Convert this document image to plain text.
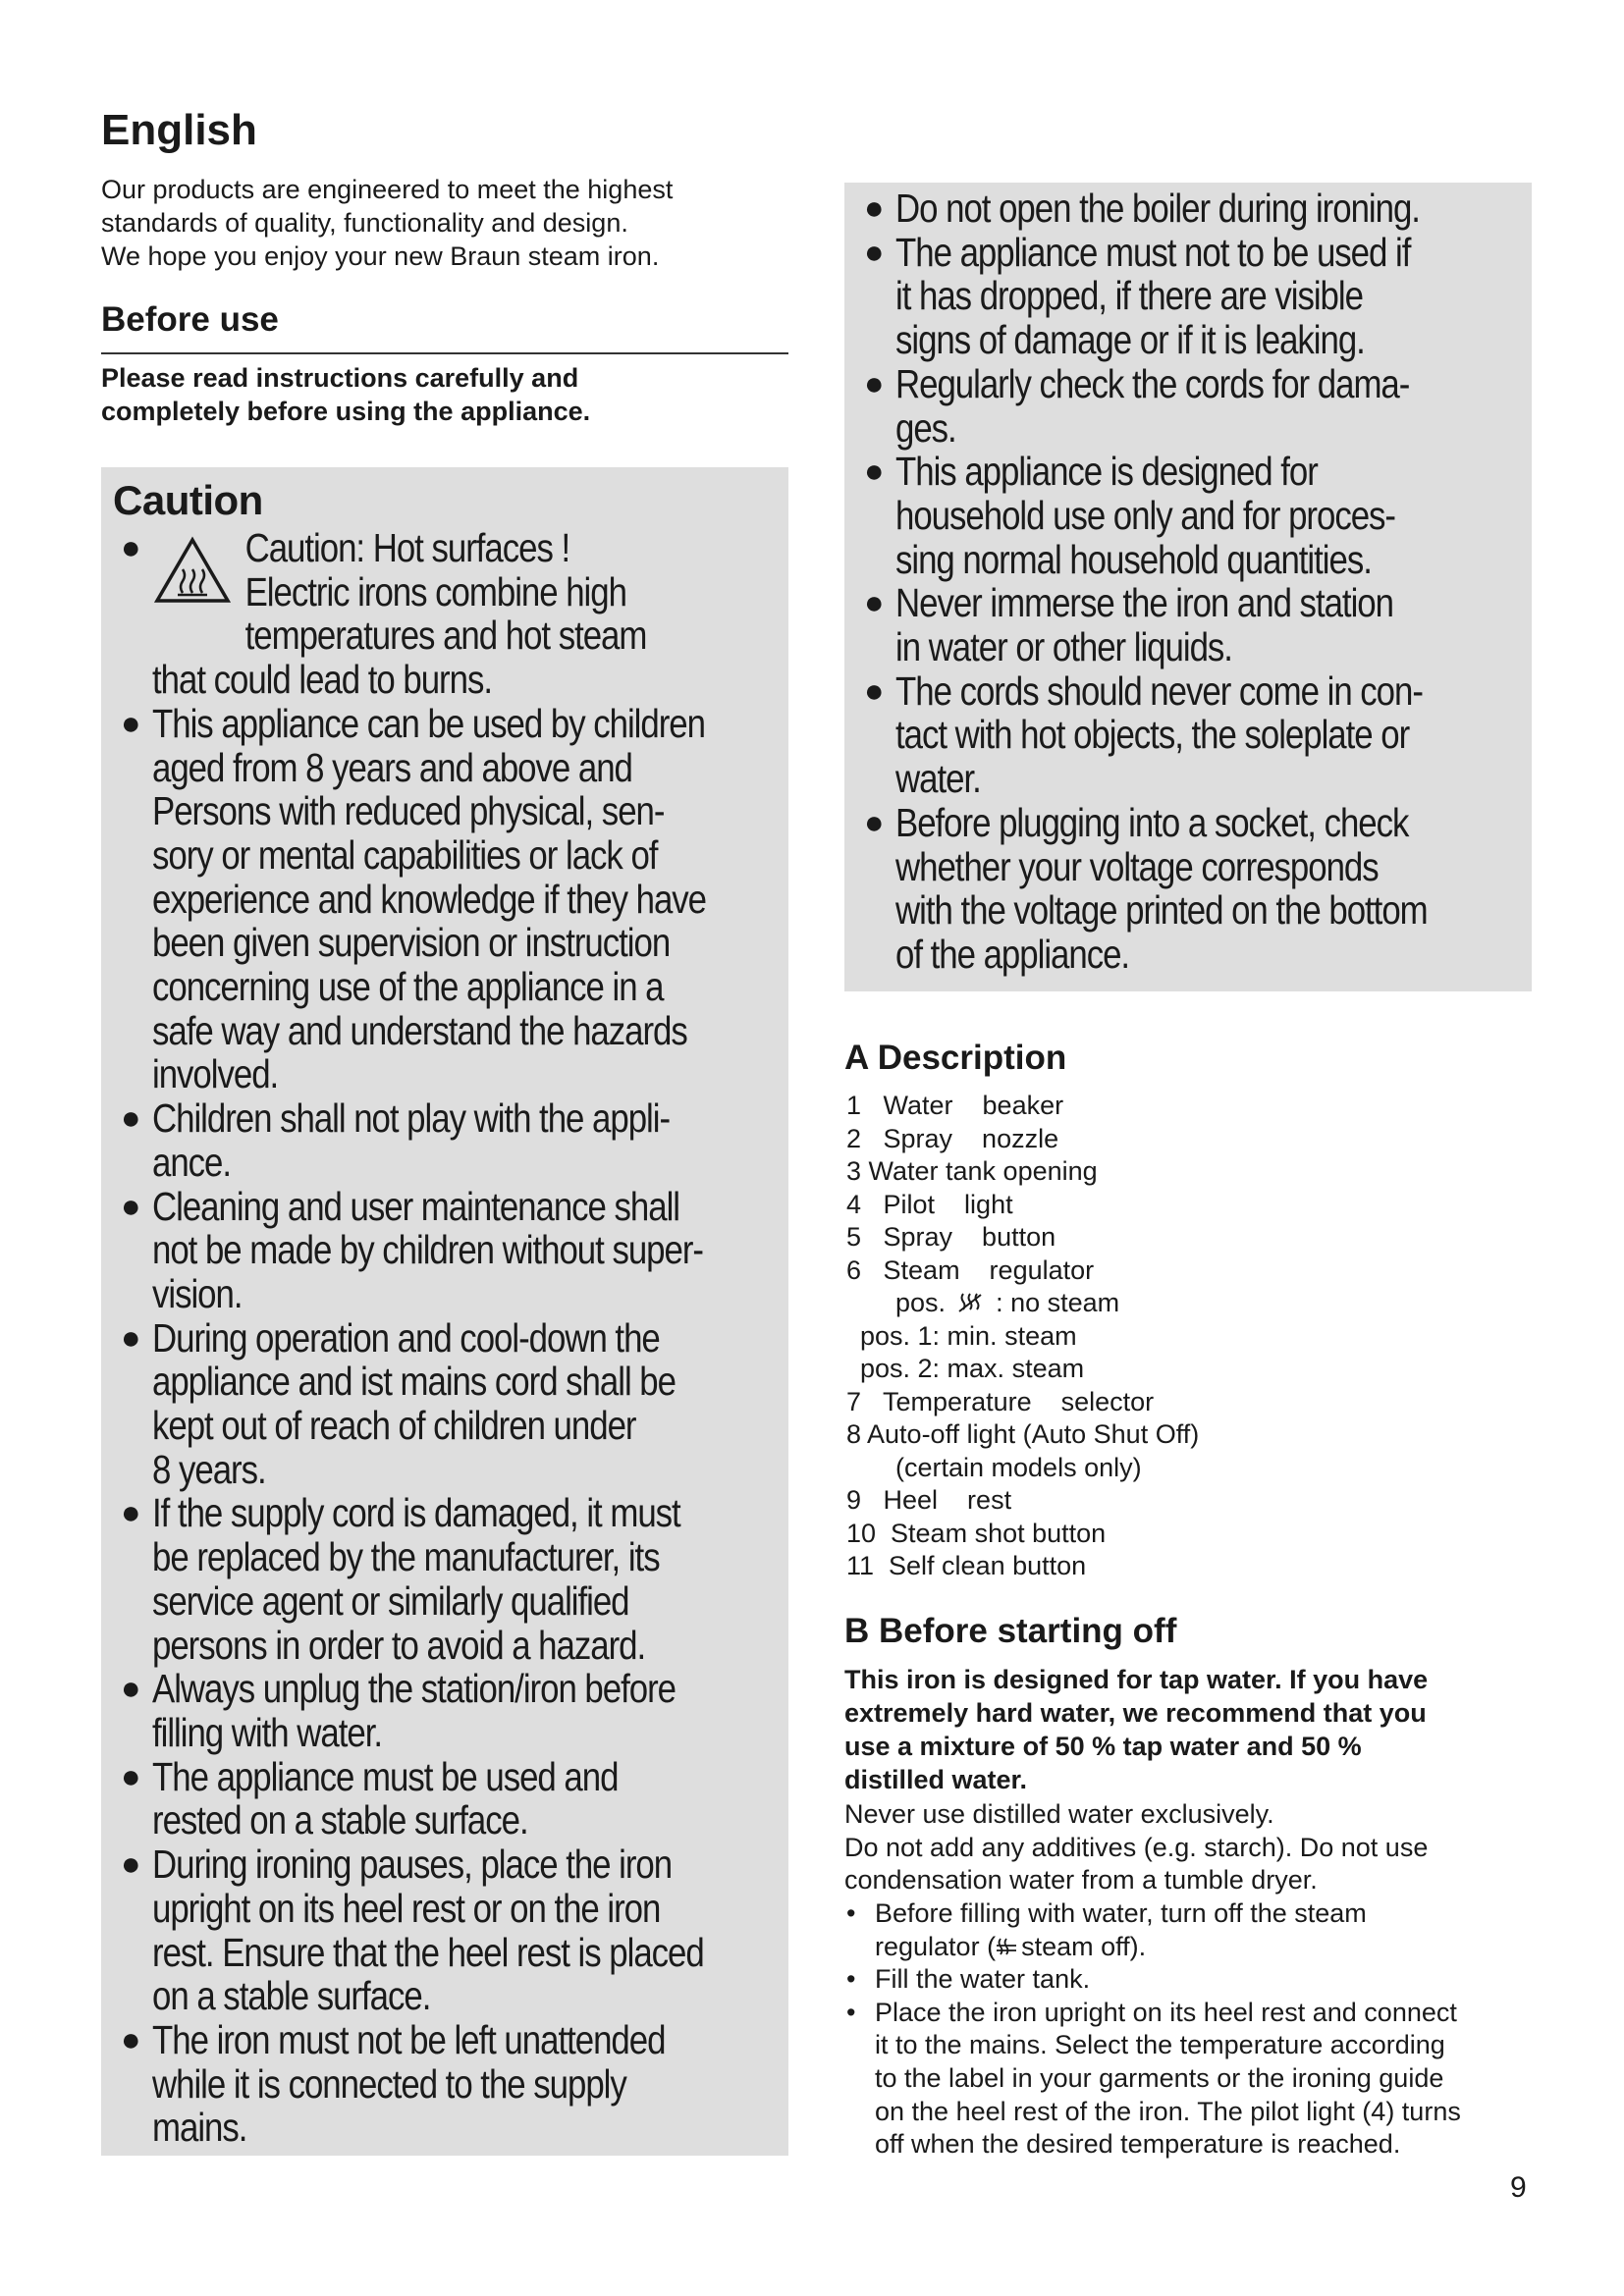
English
Our products are engineered to meet the highest
standards of quality, functionality and design.
We hope you enjoy your new Braun steam iron.
Before use
Please read instructions carefully and
completely before using the appliance.
Caution
●	Caution: Hot surfaces !
Electric irons combine high
temperatures and hot steam
that could lead to burns.
● This appliance can be used by children
aged from 8 years and above and
Persons with reduced physical, sen-
sory or mental capabilities or lack of
experience and knowledge if they have
been given supervision or instruction
concerning use of the appliance in a
safe way and understand the hazards
involved.
● Children shall not play with the appli-
ance.
● Cleaning and user maintenance shall
not be made by children without super-
vision.
● During operation and cool-down the
appliance and ist mains cord shall be
kept out of reach of children under
8 years.
● If the supply cord is damaged, it must
be replaced by the manufacturer, its
service agent or similarly qualified
persons in order to avoid a hazard.
● Always unplug the station/iron before
filling with water.
● The appliance must be used and
rested on a stable surface.
● During ironing pauses, place the iron
upright on its heel rest or on the iron
rest. Ensure that the heel rest is placed
on a stable surface.
● The iron must not be left unattended
while it is connected to the supply
mains.
● Do not open the boiler during ironing.
● The appliance must not to be used if
it has dropped, if there are visible
signs of damage or if it is leaking.
● Regularly check the cords for dama-
ges.
● This appliance is designed for
household use only and for proces-
sing normal household quantities.
● Never immerse the iron and station
in water or other liquids.
● The cords should never come in con-
tact with hot objects, the soleplate or
water.
● Before plugging into a socket, check
whether your voltage corresponds
with the voltage printed on the bottom
of the appliance.
A Description
1   Water    beaker
2   Spray    nozzle
3 Water tank opening
4   Pilot    light
5   Spray    button
6   Steam    regulator
pos. : no steam
pos. 1: min. steam
pos. 2: max. steam
7   Temperature    selector
8 Auto-off light (Auto Shut Off)
(certain models only)
9   Heel    rest
10  Steam shot button
11  Self clean button
B Before starting off
This iron is designed for tap water. If you have
extremely hard water, we recommend that you
use a mixture of 50 % tap water and 50 %
distilled water.
Never use distilled water exclusively.
Do not add any additives (e.g. starch). Do not use
condensation water from a tumble dryer.
• Before filling with water, turn off the steam
regulator ( steam off).
• Fill the water tank.
• Place the iron upright on its heel rest and connect
it to the mains. Select the temperature according
to the label in your garments or the ironing guide
on the heel rest of the iron. The pilot light (4) turns
off when the desired temperature is reached.
9
